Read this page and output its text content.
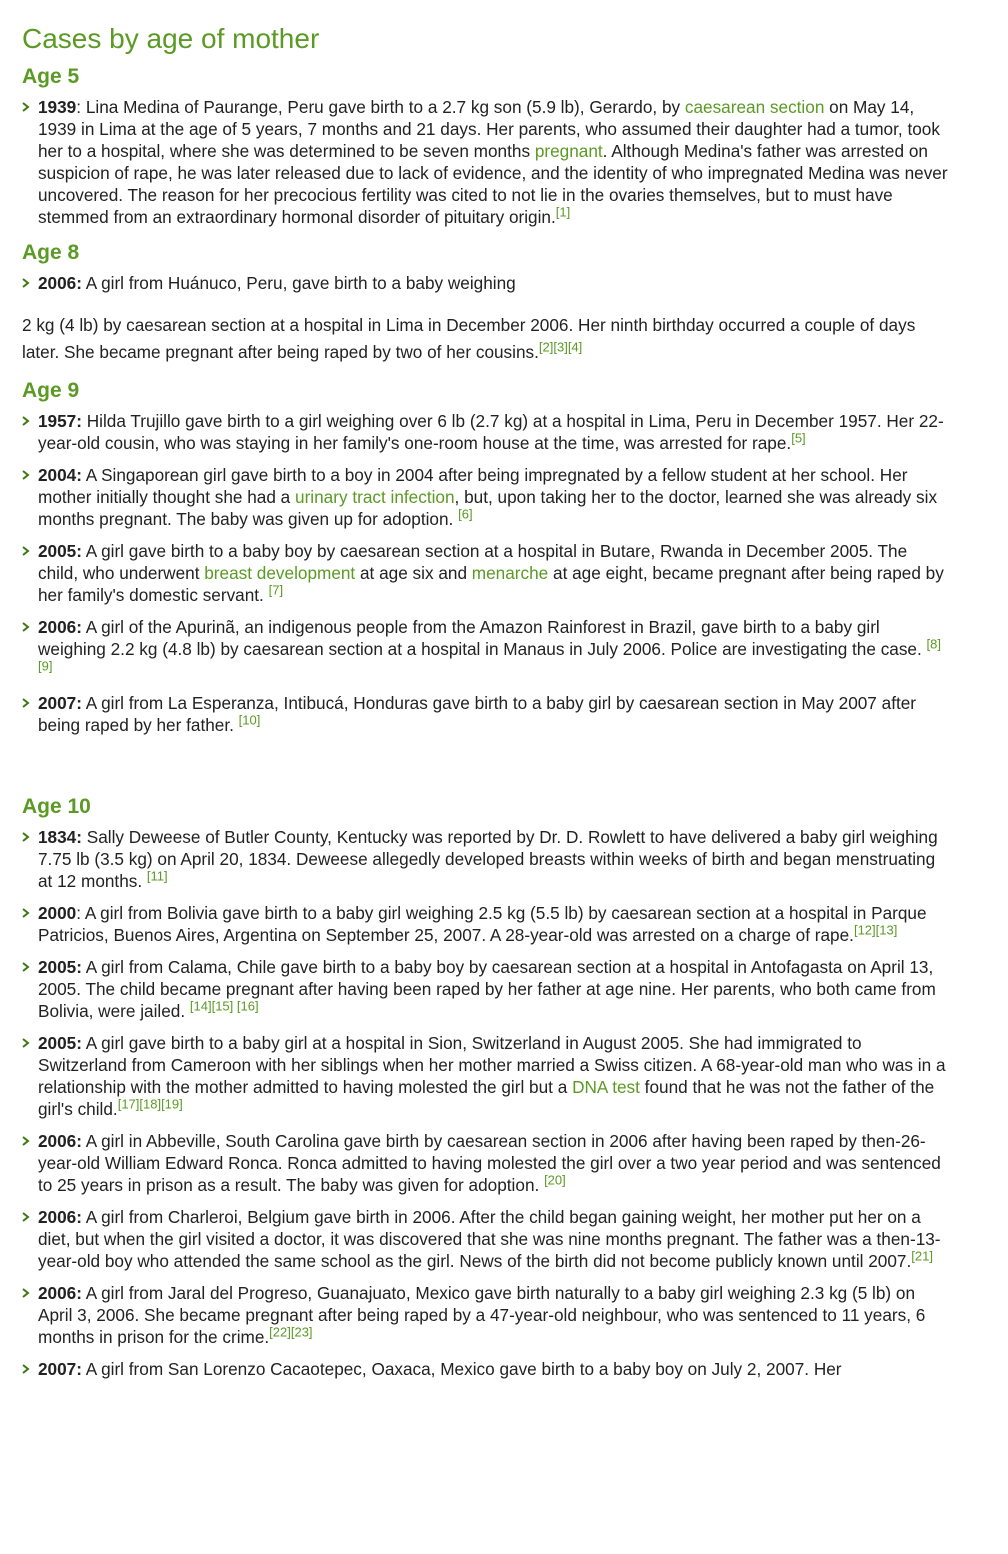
Cases by age of mother
Age 5
1939: Lina Medina of Paurange, Peru gave birth to a 2.7 kg son (5.9 lb), Gerardo, by caesarean section on May 14, 1939 in Lima at the age of 5 years, 7 months and 21 days. Her parents, who assumed their daughter had a tumor, took her to a hospital, where she was determined to be seven months pregnant. Although Medina's father was arrested on suspicion of rape, he was later released due to lack of evidence, and the identity of who impregnated Medina was never uncovered. The reason for her precocious fertility was cited to not lie in the ovaries themselves, but to must have stemmed from an extraordinary hormonal disorder of pituitary origin.[1]
Age 8
2006: A girl from Huánuco, Peru, gave birth to a baby weighing

2 kg (4 lb) by caesarean section at a hospital in Lima in December 2006. Her ninth birthday occurred a couple of days later. She became pregnant after being raped by two of her cousins.[2][3][4]

Age 9
1957: Hilda Trujillo gave birth to a girl weighing over 6 lb (2.7 kg) at a hospital in Lima, Peru in December 1957. Her 22-year-old cousin, who was staying in her family's one-room house at the time, was arrested for rape.[5]
2004: A Singaporean girl gave birth to a boy in 2004 after being impregnated by a fellow student at her school. Her mother initially thought she had a urinary tract infection, but, upon taking her to the doctor, learned she was already six months pregnant. The baby was given up for adoption. [6]
2005: A girl gave birth to a baby boy by caesarean section at a hospital in Butare, Rwanda in December 2005. The child, who underwent breast development at age six and menarche at age eight, became pregnant after being raped by her family's domestic servant. [7]
2006: A girl of the Apurinã, an indigenous people from the Amazon Rainforest in Brazil, gave birth to a baby girl weighing 2.2 kg (4.8 lb) by caesarean section at a hospital in Manaus in July 2006. Police are investigating the case. [8] [9]
2007: A girl from La Esperanza, Intibucá, Honduras gave birth to a baby girl by caesarean section in May 2007 after being raped by her father. [10]
Age 10
1834: Sally Deweese of Butler County, Kentucky was reported by Dr. D. Rowlett to have delivered a baby girl weighing 7.75 lb (3.5 kg) on April 20, 1834. Deweese allegedly developed breasts within weeks of birth and began menstruating at 12 months. [11]
2000: A girl from Bolivia gave birth to a baby girl weighing 2.5 kg (5.5 lb) by caesarean section at a hospital in Parque Patricios, Buenos Aires, Argentina on September 25, 2007. A 28-year-old was arrested on a charge of rape.[12][13]
2005: A girl from Calama, Chile gave birth to a baby boy by caesarean section at a hospital in Antofagasta on April 13, 2005. The child became pregnant after having been raped by her father at age nine. Her parents, who both came from Bolivia, were jailed. [14][15] [16]
2005: A girl gave birth to a baby girl at a hospital in Sion, Switzerland in August 2005. She had immigrated to Switzerland from Cameroon with her siblings when her mother married a Swiss citizen. A 68-year-old man who was in a relationship with the mother admitted to having molested the girl but a DNA test found that he was not the father of the girl's child.[17][18][19]
2006: A girl in Abbeville, South Carolina gave birth by caesarean section in 2006 after having been raped by then-26-year-old William Edward Ronca. Ronca admitted to having molested the girl over a two year period and was sentenced to 25 years in prison as a result. The baby was given for adoption. [20]
2006: A girl from Charleroi, Belgium gave birth in 2006. After the child began gaining weight, her mother put her on a diet, but when the girl visited a doctor, it was discovered that she was nine months pregnant. The father was a then-13-year-old boy who attended the same school as the girl. News of the birth did not become publicly known until 2007.[21]
2006: A girl from Jaral del Progreso, Guanajuato, Mexico gave birth naturally to a baby girl weighing 2.3 kg (5 lb) on April 3, 2006. She became pregnant after being raped by a 47-year-old neighbour, who was sentenced to 11 years, 6 months in prison for the crime.[22][23]
2007: A girl from San Lorenzo Cacaotepec, Oaxaca, Mexico gave birth to a baby boy on July 2, 2007. Her
